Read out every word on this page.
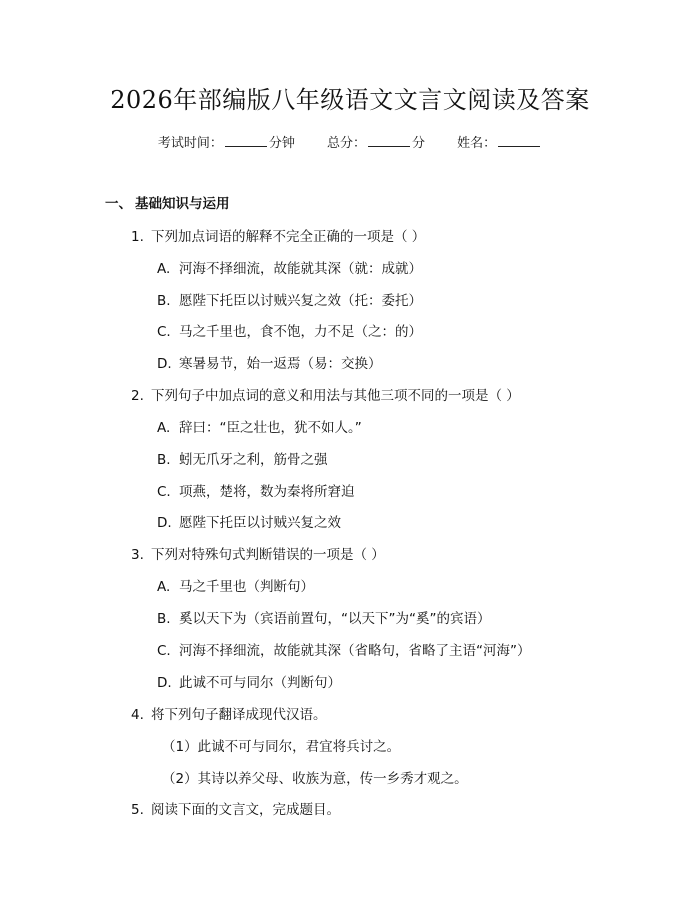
2026年部编版八年级语文文言文阅读及答案
考试时间：	分钟 总分：	分 姓名：
一、 基础知识与运用
1. 下列加点词语的解释不完全正确的一项是（ ）
A. 河海不择细流，故能就其深（就：成就）
B. 愿陛下托臣以讨贼兴复之效（托：委托）
C. 马之千里也，食不饱，力不足（之：的）
D. 寒暑易节，始一返焉（易：交换）
2. 下列句子中加点词的意义和用法与其他三项不同的一项是（ ）
A. 辞曰：“臣之壮也，犹不如人。”
B. 蚓无爪牙之利，筋骨之强
C. 项燕，楚将，数为秦将所窘迫
D. 愿陛下托臣以讨贼兴复之效
3. 下列对特殊句式判断错误的一项是（ ）
A. 马之千里也（判断句）
B. 奚以天下为（宾语前置句，“以天下”为“奚”的宾语）
C. 河海不择细流，故能就其深（省略句，省略了主语“河海”）
D. 此诚不可与同尔（判断句）
4. 将下列句子翻译成现代汉语。
（1）此诚不可与同尔，君宜将兵讨之。
（2）其诗以养父母、收族为意，传一乡秀才观之。
5. 阅读下面的文言文，完成题目。
